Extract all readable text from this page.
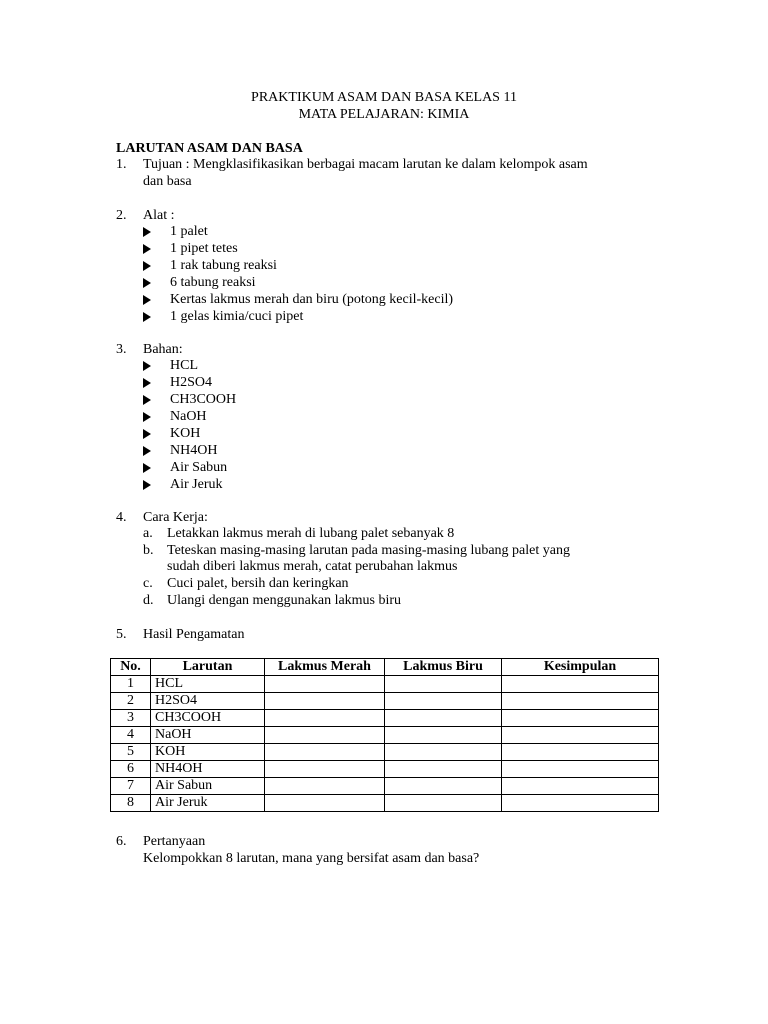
PRAKTIKUM ASAM DAN BASA KELAS 11
MATA PELAJARAN: KIMIA
LARUTAN ASAM DAN BASA
1. Tujuan : Mengklasifikasikan berbagai macam larutan ke dalam kelompok asam
dan basa
2. Alat :
1 palet
1 pipet tetes
1 rak tabung reaksi
6 tabung reaksi
Kertas lakmus merah dan biru (potong kecil-kecil)
1 gelas kimia/cuci pipet
3. Bahan:
HCL
H2SO4
CH3COOH
NaOH
KOH
NH4OH
Air Sabun
Air Jeruk
4. Cara Kerja:
a. Letakkan lakmus merah di lubang palet sebanyak 8
b. Teteskan masing-masing larutan pada masing-masing lubang palet yang
sudah diberi lakmus merah, catat perubahan lakmus
c. Cuci palet, bersih dan keringkan
d. Ulangi dengan menggunakan lakmus biru
5. Hasil Pengamatan
No.	Larutan	Lakmus Merah	Lakmus Biru	Kesimpulan
1	HCL			
2	H2SO4			
3	CH3COOH			
4	NaOH			
5	KOH			
6	NH4OH			
7	Air Sabun			
8	Air Jeruk			
6. Pertanyaan
Kelompokkan 8 larutan, mana yang bersifat asam dan basa?
